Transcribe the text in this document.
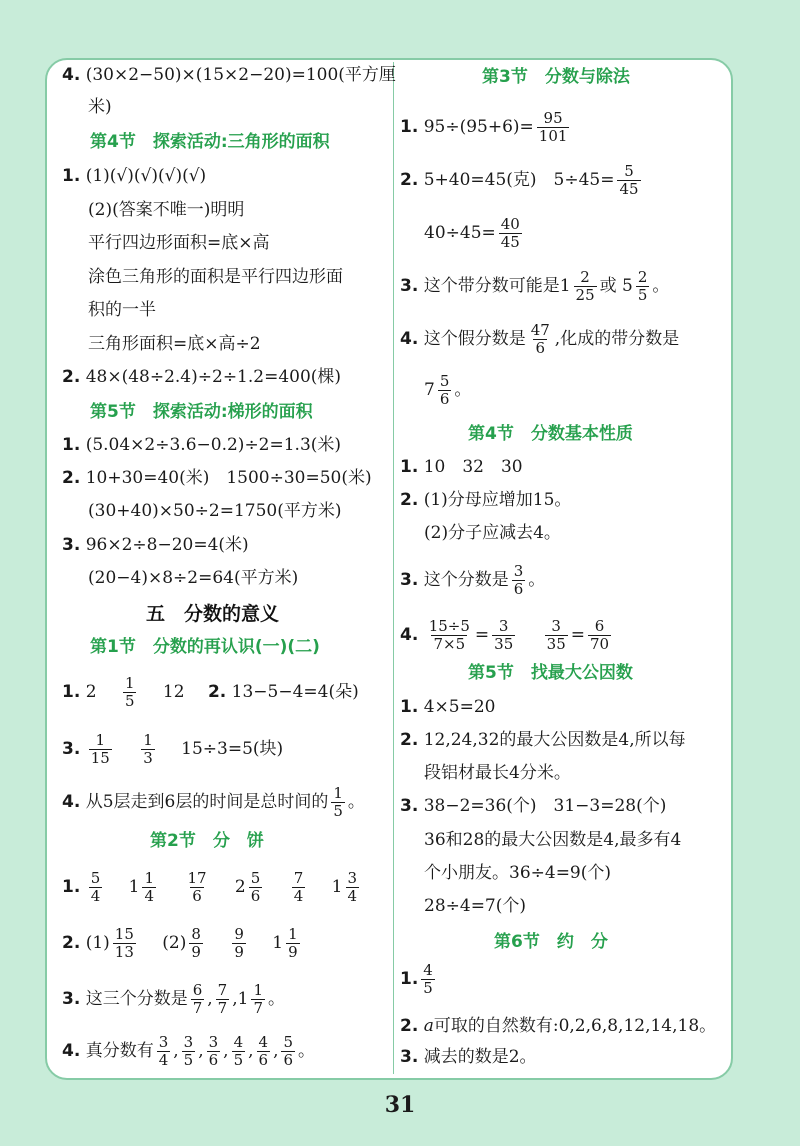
4. (30×2−50)×(15×2−20)=100(平方厘
米)
第4节　探索活动:三角形的面积
1. (1)(√)(√)(√)(√)
(2)(答案不唯一)明明
平行四边形面积=底×高
涂色三角形的面积是平行四边形面
积的一半
三角形面积=底×高÷2
2. 48×(48÷2.4)÷2÷1.2=400(棵)
第5节　探索活动:梯形的面积
1. (5.04×2÷3.6−0.2)÷2=1.3(米)
2. 10+30=40(米)　1500÷30=50(米)
(30+40)×50÷2=1750(平方米)
3. 96×2÷8−20=4(米)
(20−4)×8÷2=64(平方米)
五　分数的意义
第1节　分数的再认识(一)(二)
1. $2 \frac{1}{5} 12$ 2. 13−5−4=4(朵)
3. $\frac{1}{15}$
$\frac{1}{3} 15\div 3=5$(块)
4. 从5层走到6层的时间是总时间的 $\frac{1}{5}$ 。
第2节　分　饼
1. $\frac{5}{4} 1 \frac{1}{4}$
$\frac{17}{6} 2 \frac{5}{6}$
$\frac{7}{4} 1 \frac{3}{4}$
2. $(1) \frac{15}{13} (2) \frac{8}{9}$
$\frac{9}{9} 1 \frac{1}{9}$
3. 这三个分数是 $\frac{6}{7}$ , $\frac{7}{7} ,1 \frac{1}{7}$ 。
4. 真分数有 $\frac{3}{4}$ , $\frac{3}{5}$ , $\frac{3}{6}$ , $\frac{4}{5}$ , $\frac{4}{6}$ , $\frac{5}{6}$ 。
第3节　分数与除法
1. $95\div(95+6)= \frac{95}{101}$
2. 5+40=45(克)　$5\div 45= \frac{5}{45}$
$40\div 45= \frac{40}{45}$
3. 这个带分数可能是$1 \frac{2}{25}$ 或 $5 \frac{2}{5}$ 。
4. 这个假分数是 $\frac{47}{6}$ ,化成的带分数是
$7 \frac{5}{6}$ 。
第4节　分数基本性质
1. 10　32　30
2. (1)分母应增加15。
(2)分子应减去4。
3. 这个分数是 $\frac{3}{6}$ 。
4. $\frac{15\div 5}{7\times 5} = \frac{3}{35}$
$\frac{3}{35} = \frac{6}{70}$
第5节　找最大公因数
1. 4×5=20
2. 12,24,32的最大公因数是4,所以每
段铝材最长4分米。
3. 38−2=36(个)　31−3=28(个)
36和28的最大公因数是4,最多有4
个小朋友。36÷4=9(个)
28÷4=7(个)
第6节　约　分
1. $\frac{4}{5}$
2. a可取的自然数有:0,2,6,8,12,14,18。
3. 减去的数是2。
31
